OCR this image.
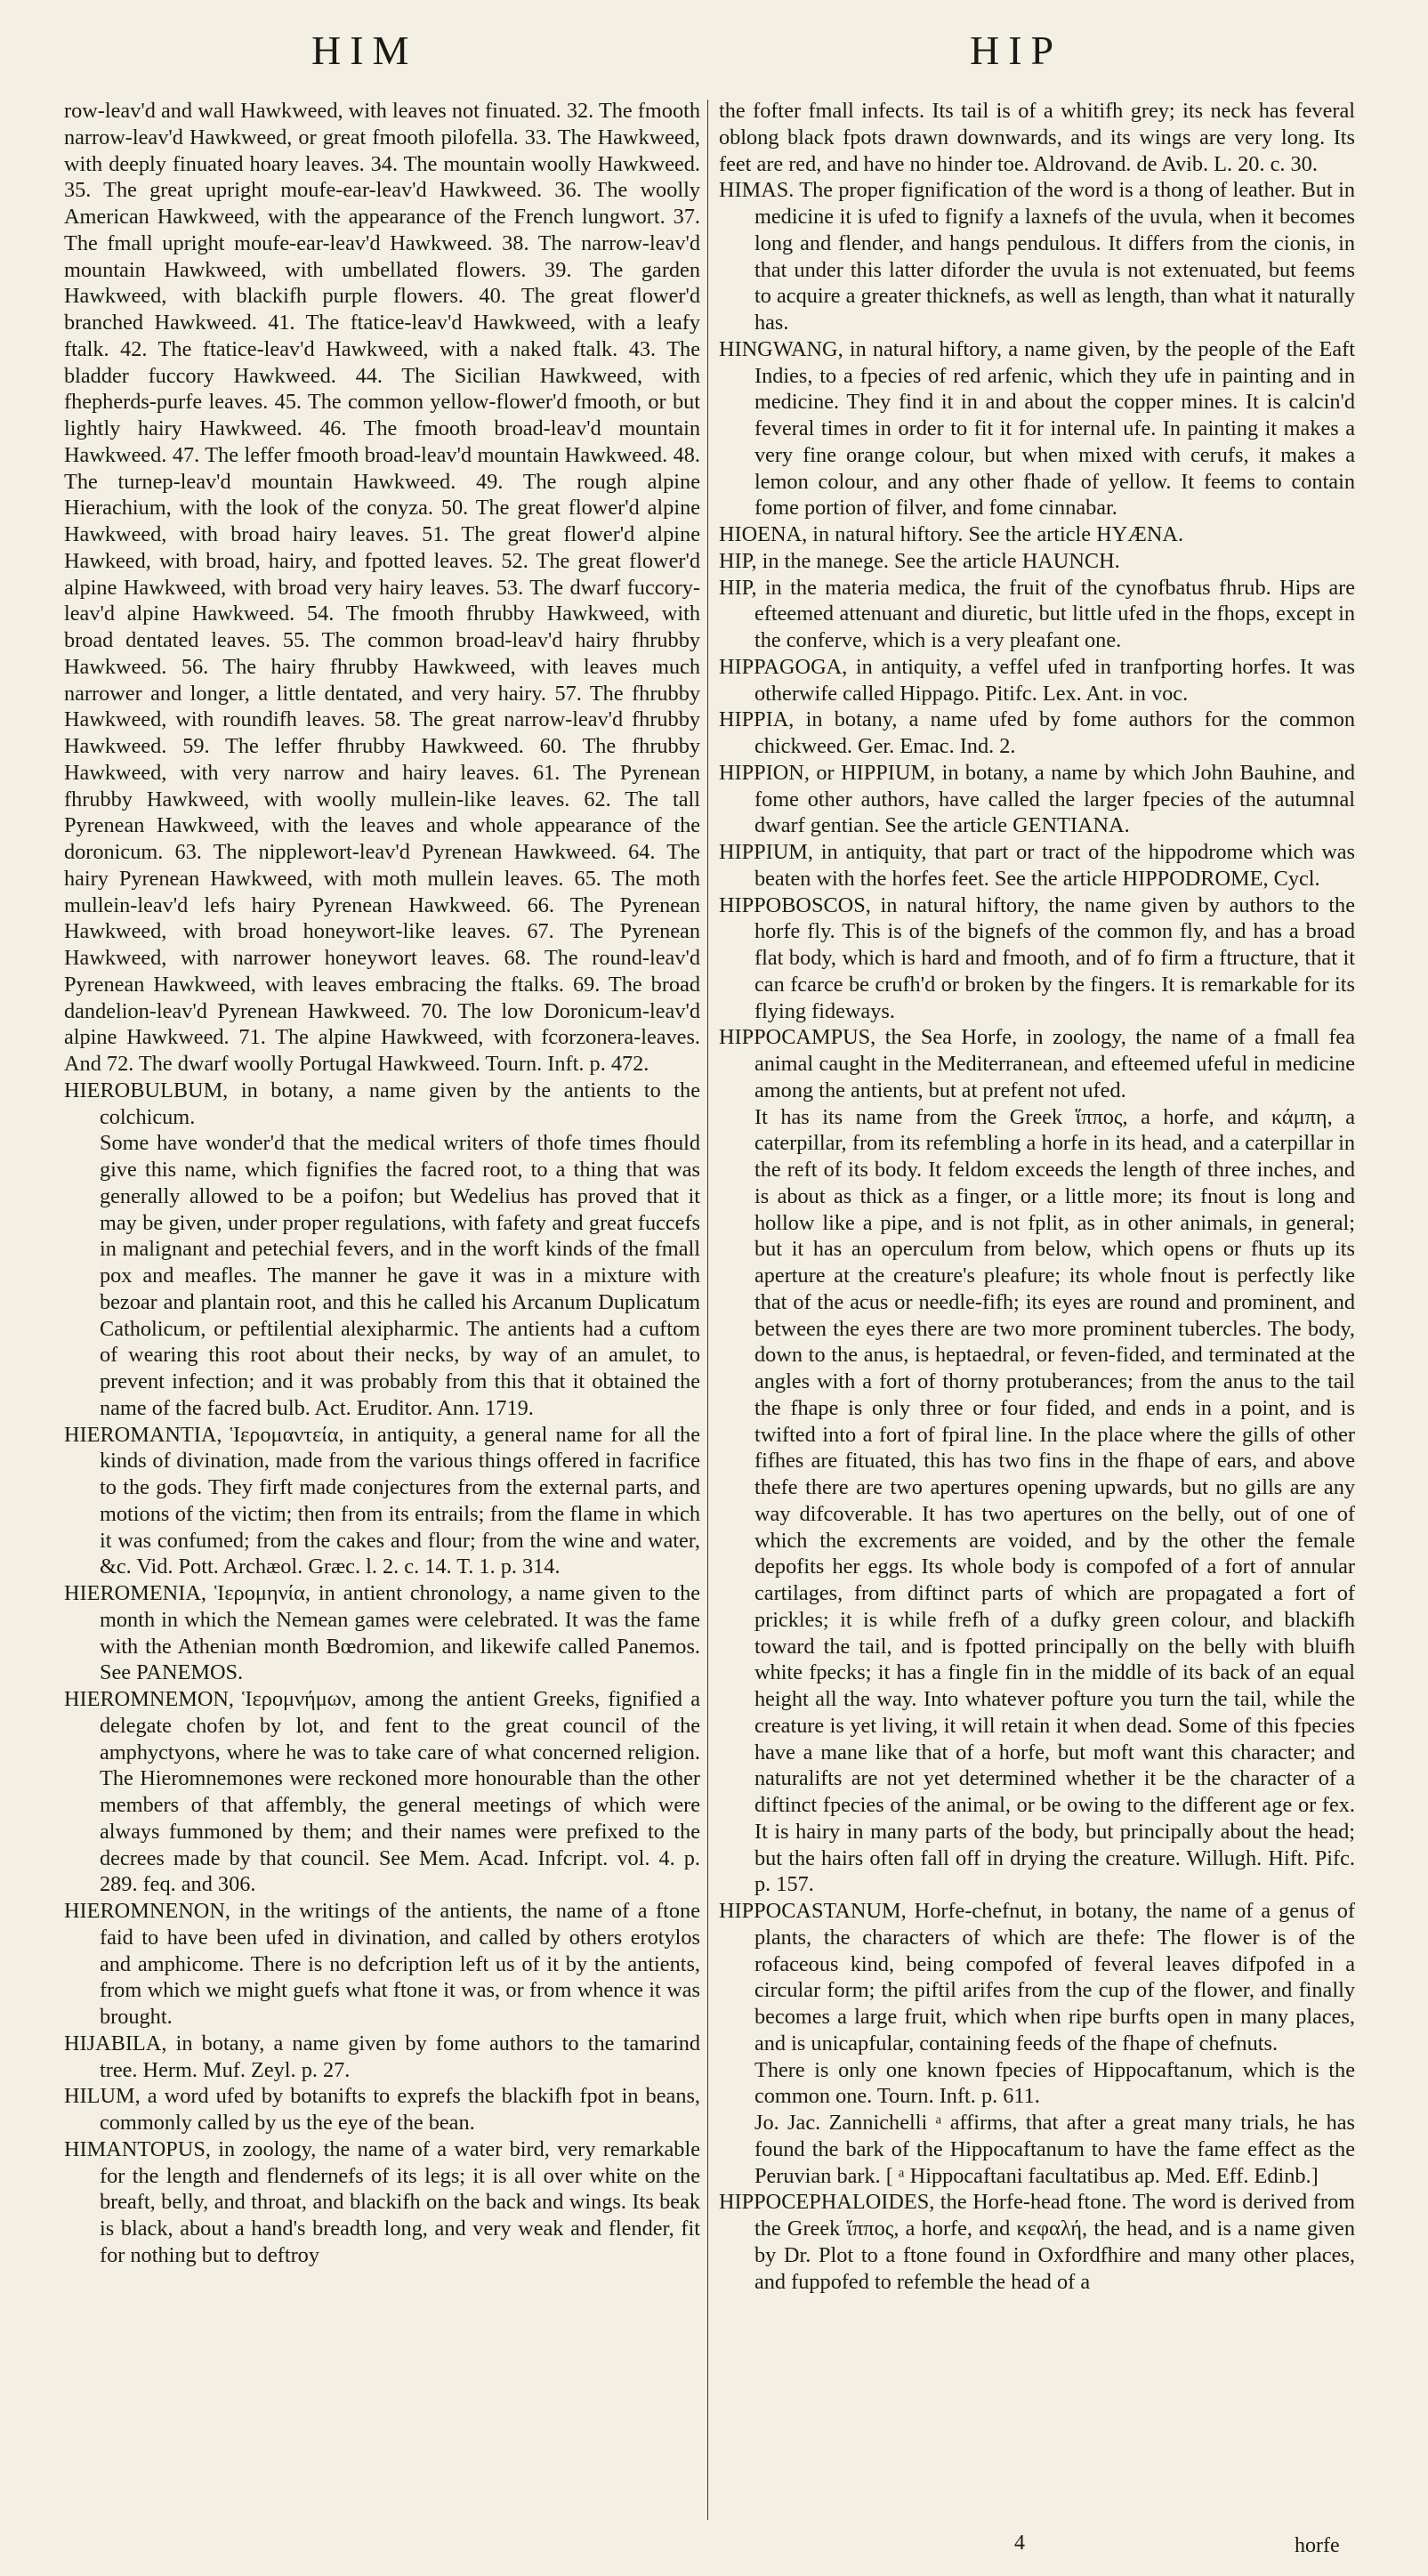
HIM	HIP

row-leav'd and wall Hawkweed, with leaves not finuated. 32. The fmooth narrow-leav'd Hawkweed, or great fmooth pilofella. 33. The Hawkweed, with deeply finuated hoary leaves. 34. The mountain woolly Hawkweed. 35. The great upright moufe-ear-leav'd Hawkweed. 36. The woolly American Hawkweed, with the appearance of the French lungwort. 37. The fmall upright moufe-ear-leav'd Hawkweed. 38. The narrow-leav'd mountain Hawkweed, with umbellated flowers. 39. The garden Hawkweed, with blackifh purple flowers. 40. The great flower'd branched Hawkweed. 41. The ftatice-leav'd Hawkweed, with a leafy ftalk. 42. The ftatice-leav'd Hawkweed, with a naked ftalk. 43. The bladder fuccory Hawkweed. 44. The Sicilian Hawkweed, with fhepherds-purfe leaves. 45. The common yellow-flower'd fmooth, or but lightly hairy Hawkweed. 46. The fmooth broad-leav'd mountain Hawkweed. 47. The leffer fmooth broad-leav'd mountain Hawkweed. 48. The turnep-leav'd mountain Hawkweed. 49. The rough alpine Hierachium, with the look of the conyza. 50. The great flower'd alpine Hawkweed, with broad hairy leaves. 51. The great flower'd alpine Hawkeed, with broad, hairy, and fpotted leaves. 52. The great flower'd alpine Hawkweed, with broad very hairy leaves. 53. The dwarf fuccory-leav'd alpine Hawkweed. 54. The fmooth fhrubby Hawkweed, with broad dentated leaves. 55. The common broad-leav'd hairy fhrubby Hawkweed. 56. The hairy fhrubby Hawkweed, with leaves much narrower and longer, a little dentated, and very hairy. 57. The fhrubby Hawkweed, with roundifh leaves. 58. The great narrow-leav'd fhrubby Hawkweed. 59. The leffer fhrubby Hawkweed. 60. The fhrubby Hawkweed, with very narrow and hairy leaves. 61. The Pyrenean fhrubby Hawkweed, with woolly mullein-like leaves. 62. The tall Pyrenean Hawkweed, with the leaves and whole appearance of the doronicum. 63. The nipplewort-leav'd Pyrenean Hawkweed. 64. The hairy Pyrenean Hawkweed, with moth mullein leaves. 65. The moth mullein-leav'd lefs hairy Pyrenean Hawkweed. 66. The Pyrenean Hawkweed, with broad honeywort-like leaves. 67. The Pyrenean Hawkweed, with narrower honeywort leaves. 68. The round-leav'd Pyrenean Hawkweed, with leaves embracing the ftalks. 69. The broad dandelion-leav'd Pyrenean Hawkweed. 70. The low Doronicum-leav'd alpine Hawkweed. 71. The alpine Hawkweed, with fcorzonera-leaves. And 72. The dwarf woolly Portugal Hawkweed. Tourn. Inft. p. 472.

HIEROBULBUM, in botany, a name given by the antients to the colchicum.

Some have wonder'd that the medical writers of thofe times fhould give this name, which fignifies the facred root, to a thing that was generally allowed to be a poifon; but Wedelius has proved that it may be given, under proper regulations, with fafety and great fuccefs in malignant and petechial fevers, and in the worft kinds of the fmall pox and meafles. The manner he gave it was in a mixture with bezoar and plantain root, and this he called his Arcanum Duplicatum Catholicum, or peftilential alexipharmic. The antients had a cuftom of wearing this root about their necks, by way of an amulet, to prevent infection; and it was probably from this that it obtained the name of the facred bulb. Act. Eruditor. Ann. 1719.

HIEROMANTIA, Ἱερομαντεία, in antiquity, a general name for all the kinds of divination, made from the various things offered in facrifice to the gods. They firft made conjectures from the external parts, and motions of the victim; then from its entrails; from the flame in which it was confumed; from the cakes and flour; from the wine and water, &c. Vid. Pott. Archæol. Græc. l. 2. c. 14. T. 1. p. 314.

HIEROMENIA, Ἱερομηνία, in antient chronology, a name given to the month in which the Nemean games were celebrated. It was the fame with the Athenian month Bœdromion, and likewife called Panemos. See PANEMOS.

HIEROMNEMON, Ἱερομνήμων, among the antient Greeks, fignified a delegate chofen by lot, and fent to the great council of the amphyctyons, where he was to take care of what concerned religion. The Hieromnemones were reckoned more honourable than the other members of that affembly, the general meetings of which were always fummoned by them; and their names were prefixed to the decrees made by that council. See Mem. Acad. Infcript. vol. 4. p. 289. feq. and 306.

HIEROMNENON, in the writings of the antients, the name of a ftone faid to have been ufed in divination, and called by others erotylos and amphicome. There is no defcription left us of it by the antients, from which we might guefs what ftone it was, or from whence it was brought.

HIJABILA, in botany, a name given by fome authors to the tamarind tree. Herm. Muf. Zeyl. p. 27.

HILUM, a word ufed by botanifts to exprefs the blackifh fpot in beans, commonly called by us the eye of the bean.

HIMANTOPUS, in zoology, the name of a water bird, very remarkable for the length and flendernefs of its legs; it is all over white on the breaft, belly, and throat, and blackifh on the back and wings. Its beak is black, about a hand's breadth long, and very weak and flender, fit for nothing but to deftroy

the fofter fmall infects. Its tail is of a whitifh grey; its neck has feveral oblong black fpots drawn downwards, and its wings are very long. Its feet are red, and have no hinder toe. Aldrovand. de Avib. L. 20. c. 30.

HIMAS. The proper fignification of the word is a thong of leather. But in medicine it is ufed to fignify a laxnefs of the uvula, when it becomes long and flender, and hangs pendulous. It differs from the cionis, in that under this latter diforder the uvula is not extenuated, but feems to acquire a greater thicknefs, as well as length, than what it naturally has.

HINGWANG, in natural hiftory, a name given, by the people of the Eaft Indies, to a fpecies of red arfenic, which they ufe in painting and in medicine. They find it in and about the copper mines. It is calcin'd feveral times in order to fit it for internal ufe. In painting it makes a very fine orange colour, but when mixed with cerufs, it makes a lemon colour, and any other fhade of yellow. It feems to contain fome portion of filver, and fome cinnabar.

HIOENA, in natural hiftory. See the article HYÆNA.

HIP, in the manege. See the article HAUNCH.

HIP, in the materia medica, the fruit of the cynofbatus fhrub. Hips are efteemed attenuant and diuretic, but little ufed in the fhops, except in the conferve, which is a very pleafant one.

HIPPAGOGA, in antiquity, a veffel ufed in tranfporting horfes. It was otherwife called Hippago. Pitifc. Lex. Ant. in voc.

HIPPIA, in botany, a name ufed by fome authors for the common chickweed. Ger. Emac. Ind. 2.

HIPPION, or HIPPIUM, in botany, a name by which John Bauhine, and fome other authors, have called the larger fpecies of the autumnal dwarf gentian. See the article GENTIANA.

HIPPIUM, in antiquity, that part or tract of the hippodrome which was beaten with the horfes feet. See the article HIPPODROME, Cycl.

HIPPOBOSCOS, in natural hiftory, the name given by authors to the horfe fly. This is of the bignefs of the common fly, and has a broad flat body, which is hard and fmooth, and of fo firm a ftructure, that it can fcarce be crufh'd or broken by the fingers. It is remarkable for its flying fideways.

HIPPOCAMPUS, the Sea Horfe, in zoology, the name of a fmall fea animal caught in the Mediterranean, and efteemed ufeful in medicine among the antients, but at prefent not ufed.

It has its name from the Greek ἵππος, a horfe, and κάμπη, a caterpillar, from its refembling a horfe in its head, and a caterpillar in the reft of its body. It feldom exceeds the length of three inches, and is about as thick as a finger, or a little more; its fnout is long and hollow like a pipe, and is not fplit, as in other animals, in general; but it has an operculum from below, which opens or fhuts up its aperture at the creature's pleafure; its whole fnout is perfectly like that of the acus or needle-fifh; its eyes are round and prominent, and between the eyes there are two more prominent tubercles. The body, down to the anus, is heptaedral, or feven-fided, and terminated at the angles with a fort of thorny protuberances; from the anus to the tail the fhape is only three or four fided, and ends in a point, and is twifted into a fort of fpiral line. In the place where the gills of other fifhes are fituated, this has two fins in the fhape of ears, and above thefe there are two apertures opening upwards, but no gills are any way difcoverable. It has two apertures on the belly, out of one of which the excrements are voided, and by the other the female depofits her eggs. Its whole body is compofed of a fort of annular cartilages, from diftinct parts of which are propagated a fort of prickles; it is while frefh of a dufky green colour, and blackifh toward the tail, and is fpotted principally on the belly with bluifh white fpecks; it has a fingle fin in the middle of its back of an equal height all the way. Into whatever pofture you turn the tail, while the creature is yet living, it will retain it when dead. Some of this fpecies have a mane like that of a horfe, but moft want this character; and naturalifts are not yet determined whether it be the character of a diftinct fpecies of the animal, or be owing to the different age or fex. It is hairy in many parts of the body, but principally about the head; but the hairs often fall off in drying the creature. Willugh. Hift. Pifc. p. 157.

HIPPOCASTANUM, Horfe-chefnut, in botany, the name of a genus of plants, the characters of which are thefe: The flower is of the rofaceous kind, being compofed of feveral leaves difpofed in a circular form; the piftil arifes from the cup of the flower, and finally becomes a large fruit, which when ripe burfts open in many places, and is unicapfular, containing feeds of the fhape of chefnuts.

There is only one known fpecies of Hippocaftanum, which is the common one. Tourn. Inft. p. 611.

Jo. Jac. Zannichelli ᵃ affirms, that after a great many trials, he has found the bark of the Hippocaftanum to have the fame effect as the Peruvian bark. [ ᵃ Hippocaftani facultatibus ap. Med. Eff. Edinb.]

HIPPOCEPHALOIDES, the Horfe-head ftone. The word is derived from the Greek ἵππος, a horfe, and κεφαλή, the head, and is a name given by Dr. Plot to a ftone found in Oxfordfhire and many other places, and fuppofed to refemble the head of a

4	horfe
